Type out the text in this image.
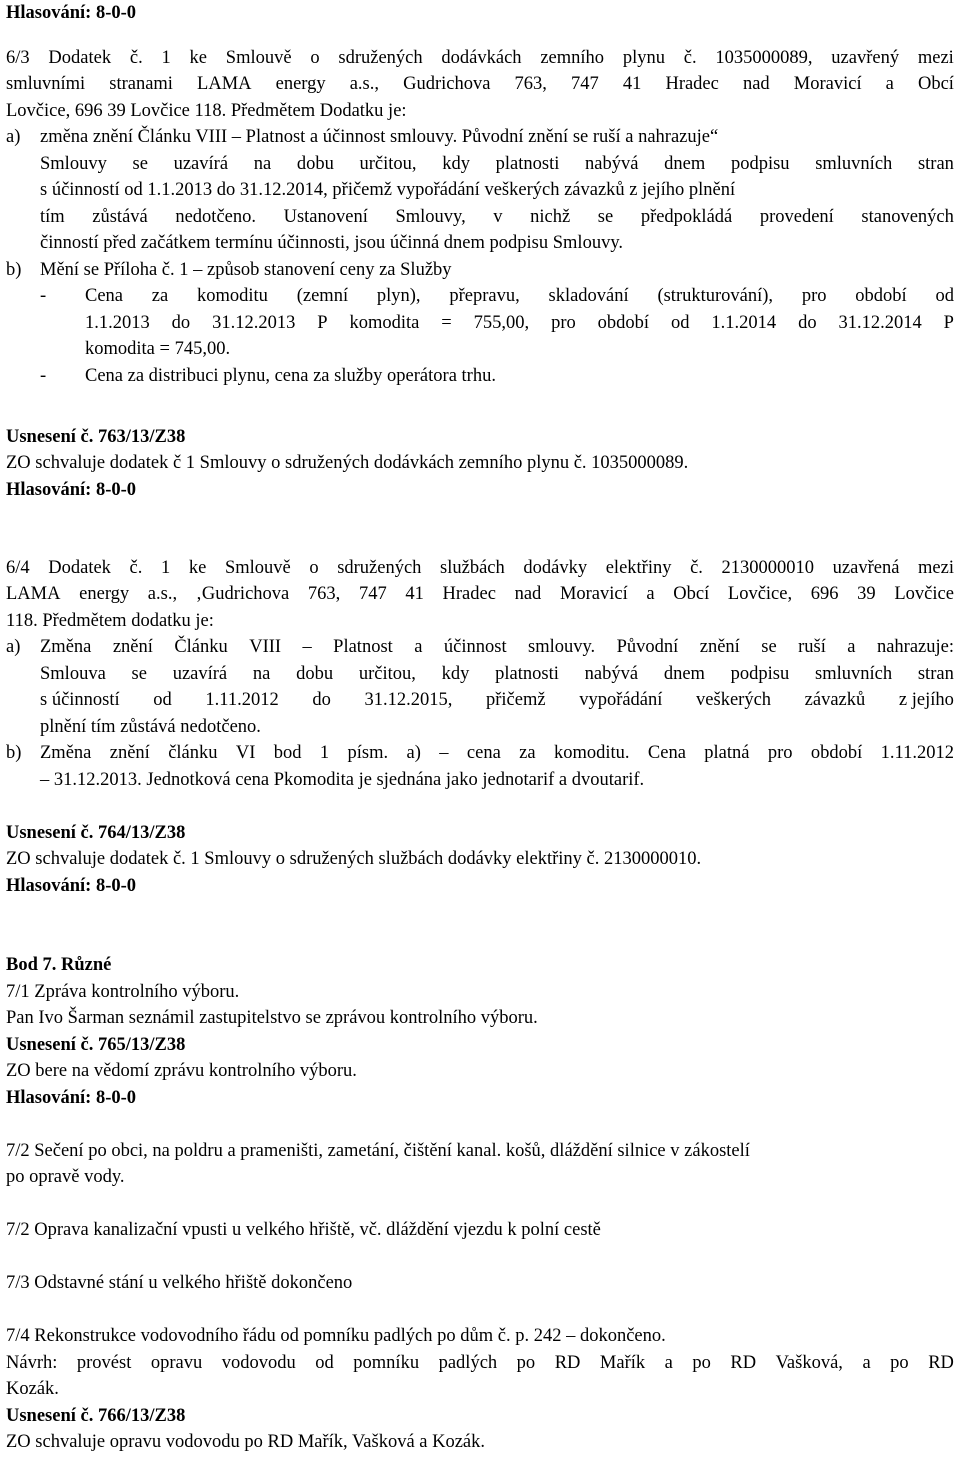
Hlasování: 8-0-0
6/3 Dodatek č. 1 ke Smlouvě o sdružených dodávkách zemního plynu č. 1035000089, uzavřený mezi
smluvními stranami LAMA energy a.s., Gudrichova 763, 747 41 Hradec nad Moravicí a Obcí
Lovčice, 696 39 Lovčice 118. Předmětem Dodatku je:
a) změna znění Článku VIII – Platnost a účinnost smlouvy. Původní znění se ruší a nahrazuje“
Smlouvy se uzavírá na dobu určitou, kdy platnosti nabývá dnem podpisu smluvních stran
s účinností od 1.1.2013 do 31.12.2014, přičemž vypořádání veškerých závazků z jejího plnění
tím zůstává nedotčeno. Ustanovení Smlouvy, v nichž se předpokládá provedení stanovených
činností před začátkem termínu účinnosti, jsou účinná dnem podpisu Smlouvy.
b) Mění se Příloha č. 1 – způsob stanovení ceny za Služby
- Cena za komoditu (zemní plyn), přepravu, skladování (strukturování), pro období od
1.1.2013 do 31.12.2013 P komodita = 755,00, pro období od 1.1.2014 do 31.12.2014 P
komodita = 745,00.
- Cena za distribuci plynu, cena za služby operátora trhu.
Usnesení č. 763/13/Z38
ZO schvaluje dodatek č 1 Smlouvy o sdružených dodávkách zemního plynu č. 1035000089.
Hlasování: 8-0-0
6/4 Dodatek č. 1 ke Smlouvě o sdružených službách dodávky elektřiny č. 2130000010 uzavřená mezi
LAMA energy a.s., ‚Gudrichova 763, 747 41 Hradec nad Moravicí a Obcí Lovčice, 696 39 Lovčice
118. Předmětem dodatku je:
a) Změna znění Článku VIII – Platnost a účinnost smlouvy. Původní znění se ruší a nahrazuje:
Smlouva se uzavírá na dobu určitou, kdy platnosti nabývá dnem podpisu smluvních stran
s účinností od 1.11.2012 do 31.12.2015, přičemž vypořádání veškerých závazků z jejího
plnění tím zůstává nedotčeno.
b) Změna znění článku VI bod 1 písm. a) – cena za komoditu. Cena platná pro období 1.11.2012
– 31.12.2013. Jednotková cena Pkomodita je sjednána jako jednotarif a dvoutarif.
Usnesení č. 764/13/Z38
ZO schvaluje dodatek č. 1 Smlouvy o sdružených službách dodávky elektřiny č. 2130000010.
Hlasování: 8-0-0
Bod 7. Různé
7/1 Zpráva kontrolního výboru.
Pan Ivo Šarman seznámil zastupitelstvo se zprávou kontrolního výboru.
Usnesení č. 765/13/Z38
ZO bere na vědomí zprávu kontrolního výboru.
Hlasování: 8-0-0
7/2 Sečení po obci, na poldru a prameništi, zametání, čištění kanal. košů, dláždění silnice v zákostelí
po opravě vody.
7/2 Oprava kanalizační vpusti u velkého hřiště, vč. dláždění vjezdu k polní cestě
7/3 Odstavné stání u velkého hřiště dokončeno
7/4 Rekonstrukce vodovodního řádu od pomníku padlých po dům č. p. 242 – dokončeno.
Návrh: provést opravu vodovodu od pomníku padlých po RD Mařík a po RD Vašková, a po RD
Kozák.
Usnesení č. 766/13/Z38
ZO schvaluje opravu vodovodu po RD Mařík, Vašková a Kozák.
